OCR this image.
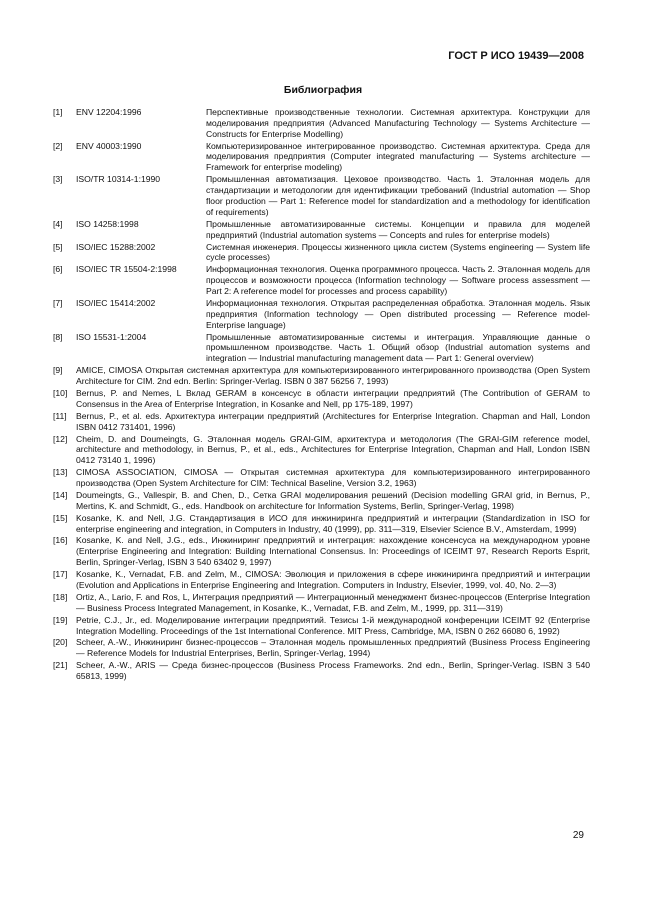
ГОСТ Р ИСО 19439—2008
Библиография
[1]	ENV 12204:1996	Перспективные производственные технологии. Системная архитектура. Конструкции для моделирования предприятия (Advanced Manufacturing Technology — Systems Architecture — Constructs for Enterprise Modelling)
[2]	ENV 40003:1990	Компьютеризированное интегрированное производство. Системная архитектура. Среда для моделирования предприятия (Computer integrated manufacturing — Systems architecture — Framework for enterprise modeling)
[3]	ISO/TR 10314-1:1990	Промышленная автоматизация. Цеховое производство. Часть 1. Эталонная модель для стандартизации и методологии для идентификации требований (Industrial automation — Shop floor production — Part 1: Reference model for standardization and a methodology for identification of requirements)
[4]	ISO 14258:1998	Промышленные автоматизированные системы. Концепции и правила для моделей предприятий (Industrial automation systems — Concepts and rules for enterprise models)
[5]	ISO/IEC 15288:2002	Системная инженерия. Процессы жизненного цикла систем (Systems engineering — System life cycle processes)
[6]	ISO/IEC TR 15504-2:1998	Информационная технология. Оценка программного процесса. Часть 2. Эталонная модель для процессов и возможности процесса (Information technology — Software process assessment — Part 2: A reference model for processes and process capability)
[7]	ISO/IEC 15414:2002	Информационная технология. Открытая распределенная обработка. Эталонная модель. Язык предприятия (Information technology — Open distributed processing — Reference model-Enterprise language)
[8]	ISO 15531-1:2004	Промышленные автоматизированные системы и интеграция. Управляющие данные о промышленном производстве. Часть 1. Общий обзор (Industrial automation systems and integration — Industrial manufacturing management data — Part 1: General overview)
[9]	AMICE, CIMOSA Открытая системная архитектура для компьютеризированного интегрированного производства (Open System Architecture for CIM. 2nd edn. Berlin: Springer-Verlag. ISBN 0 387 56256 7, 1993)
[10]	Bernus, P. and Nemes, L Вклад GERAM в консенсус в области интеграции предприятий (The Contribution of GERAM to Consensus in the Area of Enterprise Integration, in Kosanke and Nell, pp 175-189, 1997)
[11]	Bernus, P., et al. eds. Архитектура интеграции предприятий (Architectures for Enterprise Integration. Chapman and Hall, London ISBN 0412 731401, 1996)
[12]	Cheim, D. and Doumeingts, G. Эталонная модель GRAI-GIM, архитектура и методология (The GRAI-GIM reference model, architecture and methodology, in Bernus, P., et al., eds., Architectures for Enterprise Integration, Chapman and Hall, London ISBN 0412 73140 1, 1996)
[13]	CIMOSA ASSOCIATION, CIMOSA — Открытая системная архитектура для компьютеризированного интегрированного производства (Open System Architecture for CIM: Technical Baseline, Version 3.2, 1963)
[14]	Doumeingts, G., Vallespir, B. and Chen, D., Сетка GRAI моделирования решений (Decision modelling GRAI grid, in Bernus, P., Mertins, K. and Schmidt, G., eds. Handbook on architecture for Information Systems, Berlin, Springer-Verlag, 1998)
[15]	Kosanke, K. and Nell, J.G. Стандартизация в ИСО для инжиниринга предприятий и интеграции (Standardization in ISO for enterprise engineering and integration, in Computers in Industry, 40 (1999), pp. 311—319, Elsevier Science B.V., Amsterdam, 1999)
[16]	Kosanke, K. and Nell, J.G., eds., Инжиниринг предприятий и интеграция: нахождение консенсуса на международном уровне (Enterprise Engineering and Integration: Building International Consensus. In: Proceedings of ICEIMT 97, Research Reports Esprit, Berlin, Springer-Verlag, ISBN 3 540 63402 9, 1997)
[17]	Kosanke, K., Vernadat, F.B. and Zelm, M., CIMOSA: Эволюция и приложения в сфере инжиниринга предприятий и интеграции (Evolution and Applications in Enterprise Engineering and Integration. Computers in Industry, Elsevier, 1999, vol. 40, No. 2—3)
[18]	Ortiz, A., Lario, F. and Ros, L, Интеграция предприятий — Интеграционный менеджмент бизнес-процессов (Enterprise Integration — Business Process Integrated Management, in Kosanke, K., Vernadat, F.B. and Zelm, M., 1999, pp. 311—319)
[19]	Petrie, C.J., Jr., ed. Моделирование интеграции предприятий. Тезисы 1-й международной конференции ICEIMT 92 (Enterprise Integration Modelling. Proceedings of the 1st International Conference. MIT Press, Cambridge, MA, ISBN 0 262 66080 6, 1992)
[20]	Scheer, A.-W., Инжиниринг бизнес-процессов – Эталонная модель промышленных предприятий (Business Process Engineering — Reference Models for Industrial Enterprises, Berlin, Springer-Verlag, 1994)
[21]	Scheer, A.-W., ARIS — Среда бизнес-процессов (Business Process Frameworks. 2nd edn., Berlin, Springer-Verlag. ISBN 3 540 65813, 1999)
29
